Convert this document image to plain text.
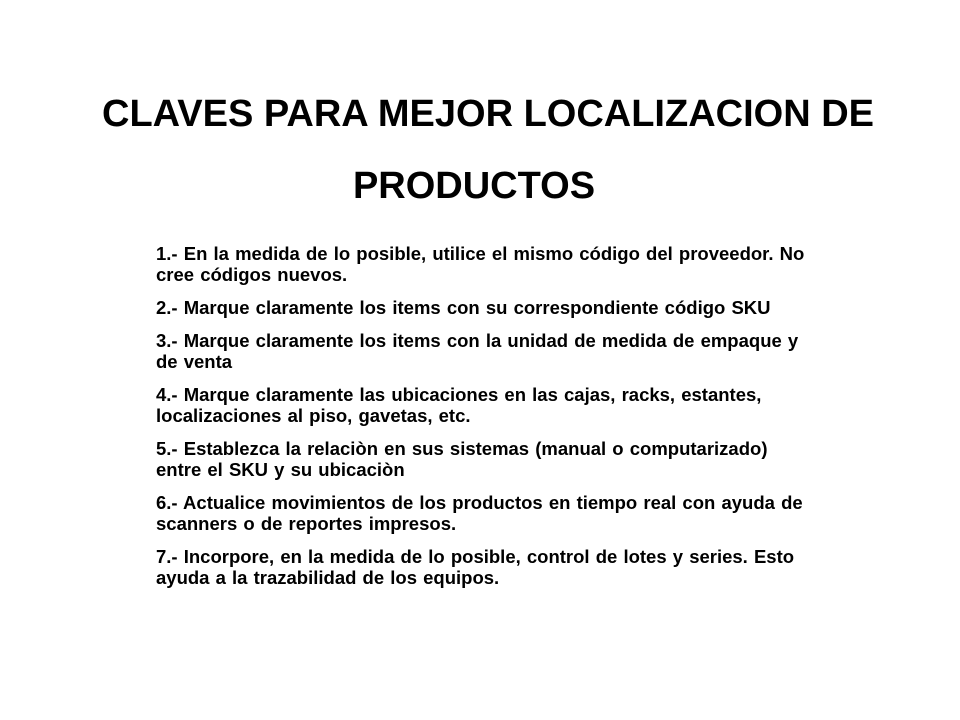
CLAVES PARA MEJOR LOCALIZACION DE
PRODUCTOS
1.- En la medida de lo posible, utilice el mismo código del proveedor. No cree códigos nuevos.
2.- Marque claramente los items con su correspondiente código SKU
3.- Marque claramente los items con la unidad de medida de empaque y de venta
4.- Marque claramente las ubicaciones en las cajas, racks, estantes, localizaciones al piso, gavetas, etc.
5.- Establezca la relaciòn en sus sistemas (manual o computarizado) entre el SKU y su ubicaciòn
6.- Actualice movimientos de los productos en tiempo real con ayuda de scanners o de reportes impresos.
7.- Incorpore, en la medida de lo posible, control de lotes y series. Esto ayuda a la trazabilidad de los equipos.
